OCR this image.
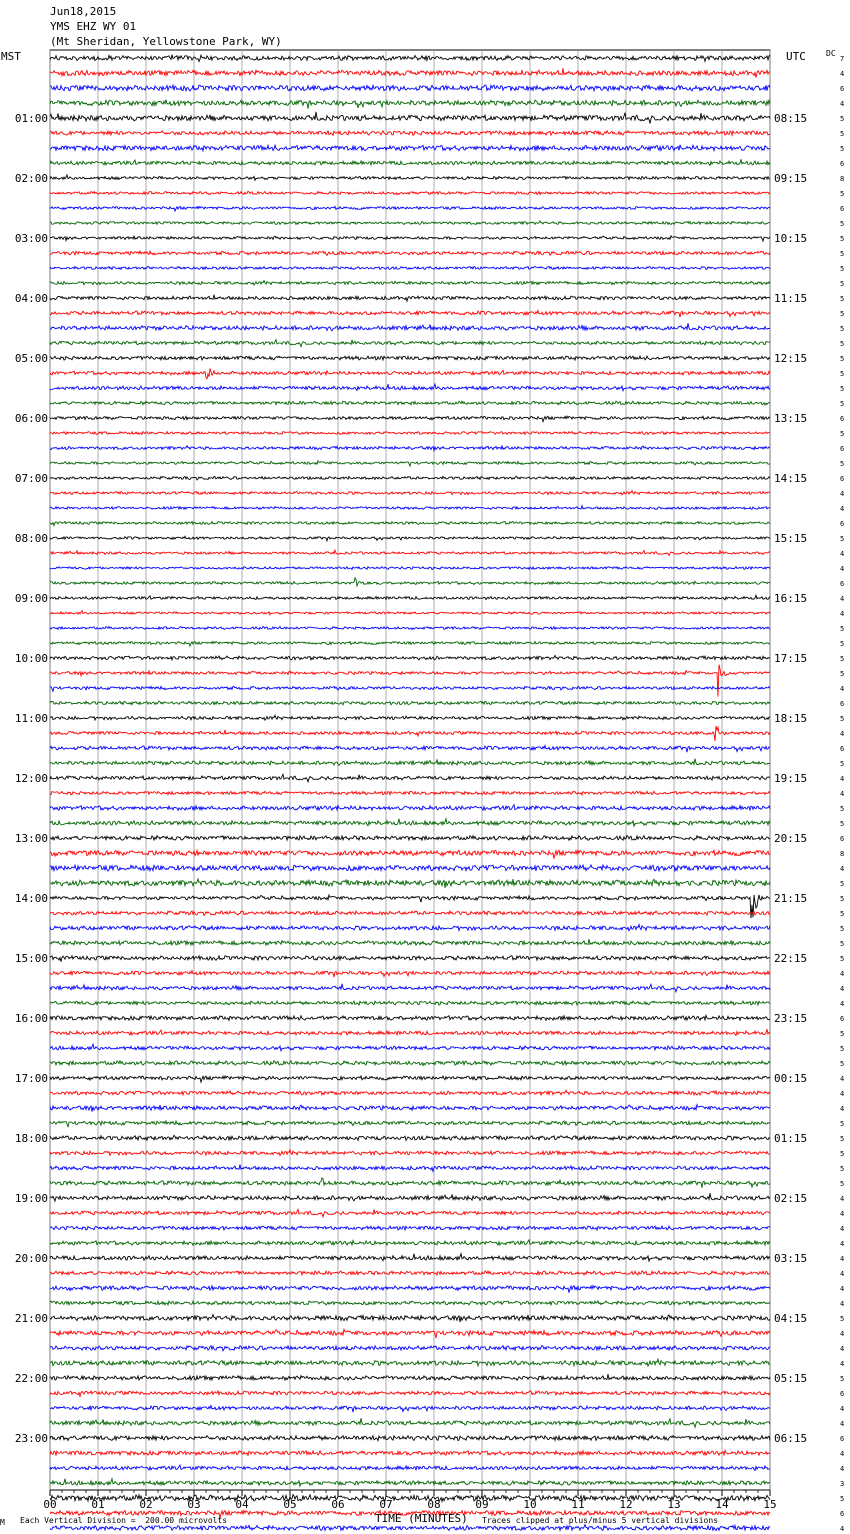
Jun18,2015
YMS EHZ WY 01
(Mt Sheridan, Yellowstone Park, WY)
MST	UTC	DC
00	01	02	03	04	05	06	07	08	09	10	11	12	13	14	15
7
4
6
4
5
5
5
6
8
5
6
5
5
5
5
5
5
5
5
5
5
5
5
5
6
5
6
5
6
4
4
6
5
4
4
6
4
4
5
5
5
5
4
6
5
4
6
5
4
4
5
5
6
8
4
5
5
5
5
5
5
4
4
4
6
5
5
5
4
4
4
5
5
5
5
5
4
4
4
4
4
4
4
4
5
4
4
4
5
6
4
4
6
4
4
3
5
6
4
01:00
02:00
03:00
04:00
05:00
06:00
07:00
08:00
09:00
10:00
11:00
12:00
13:00
14:00
15:00
16:00
17:00
18:00
19:00
20:00
21:00
22:00
23:00
08:15
09:15
10:15
11:15
12:15
13:15
14:15
15:15
16:15
17:15
18:15
19:15
20:15
21:15
22:15
23:15
00:15
01:15
02:15
03:15
04:15
05:15
06:15
M Each Vertical Division =  200.00 microvolts	TIME (MINUTES) Traces clipped at plus/minus 5 vertical divisions
